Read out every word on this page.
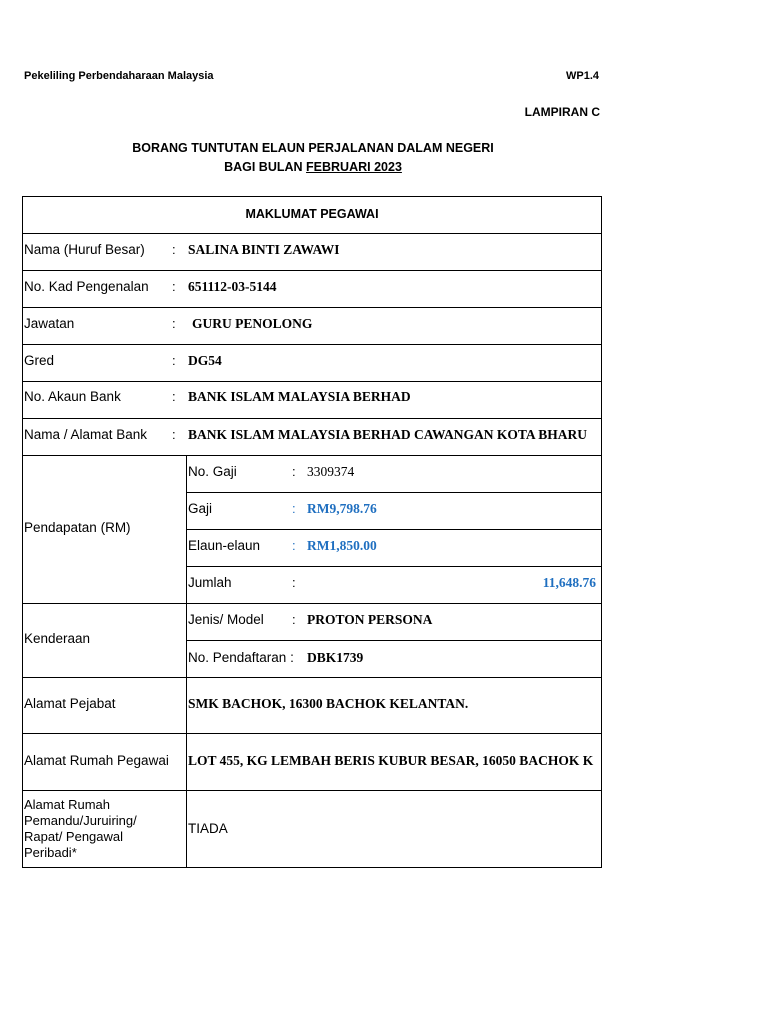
Pekeliling Perbendaharaan Malaysia	WP1.4
LAMPIRAN C
BORANG TUNTUTAN ELAUN PERJALANAN DALAM NEGERI
BAGI BULAN FEBRUARI 2023
MAKLUMAT PEGAWAI
Nama (Huruf Besar) : SALINA BINTI ZAWAWI
No. Kad Pengenalan : 651112-03-5144
Jawatan	: GURU PENOLONG
Gred	: DG54
No. Akaun Bank	: BANK ISLAM MALAYSIA BERHAD
Nama / Alamat Bank : BANK ISLAM MALAYSIA BERHAD CAWANGAN KOTA BHARU
Pendapatan (RM)
No. Gaji	: 3309374
Gaji	: RM9,798.76
Elaun-elaun : RM1,850.00
Jumlah	:	11,648.76
Kenderaan
Jenis/ Model : PROTON PERSONA
No. Pendaftaran : DBK1739
Alamat Pejabat	SMK BACHOK, 16300 BACHOK KELANTAN.
Alamat Rumah Pegawai LOT 455, KG LEMBAH BERIS KUBUR BESAR, 16050 BACHOK K
Alamat Rumah
Pemandu/Juruiring/
Rapat/ Pengawal
Peribadi*
TIADA
